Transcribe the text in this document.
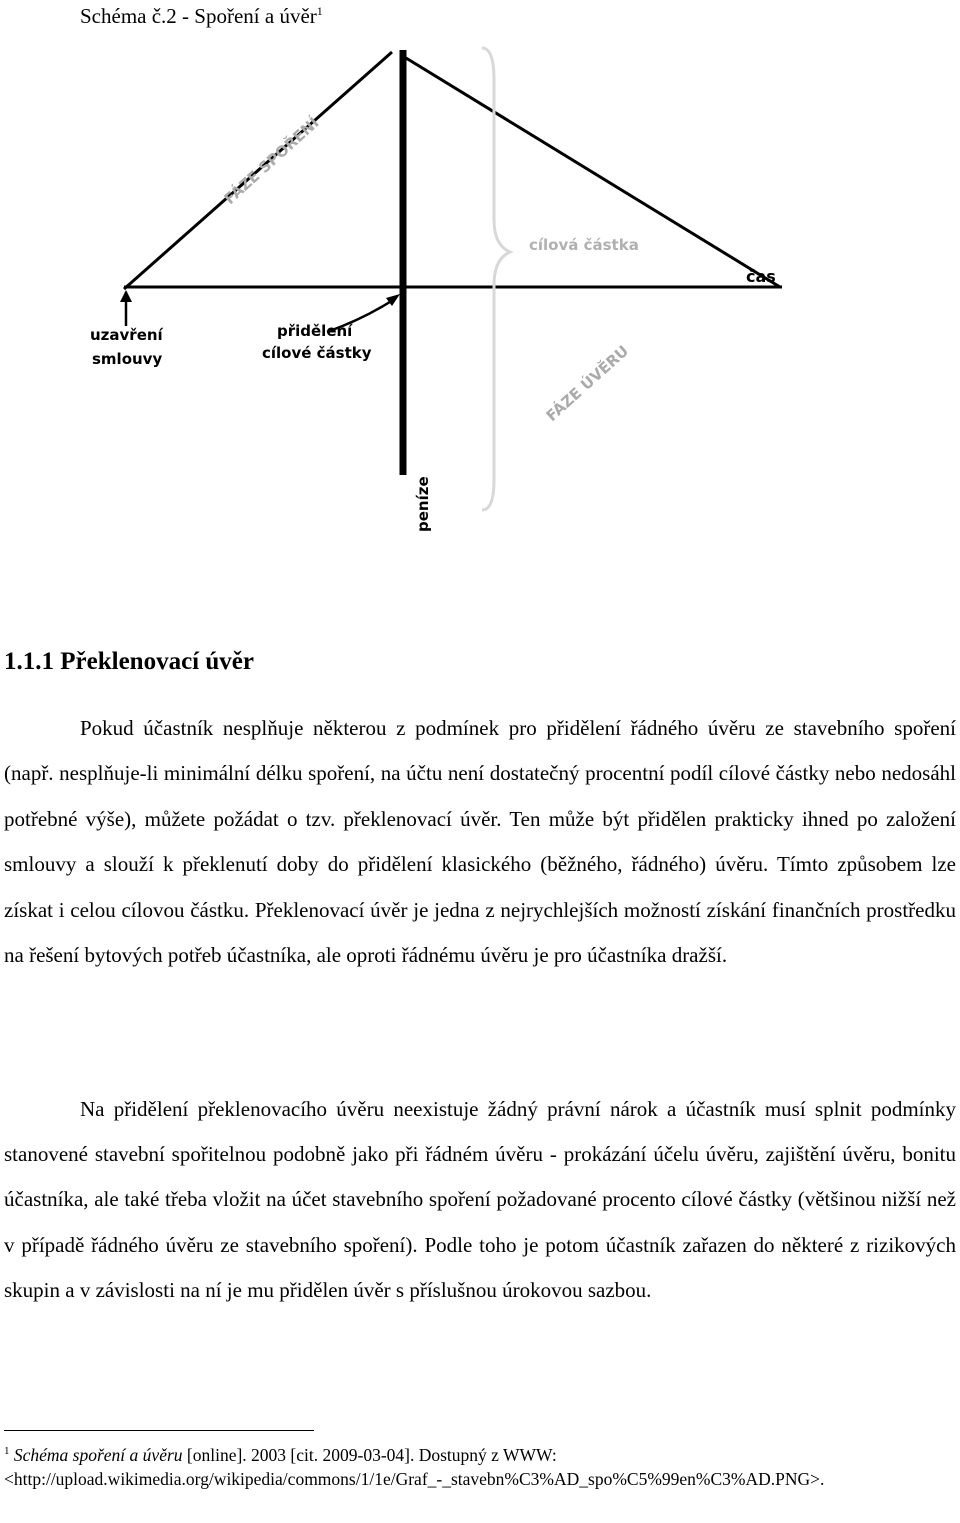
Schéma č.2 - Spoření a úvěr$^1$
FÁZE SPOŘENÍ
cílová částka
čas
uzavření
smlouvy
přidělení
cílové částky	FÁZE ÚVĚRU
peníze
1.1.1 Překlenovací úvěr

Pokud účastník nesplňuje některou z podmínek pro přidělení řádného úvěru ze stavebního spoření (např. nesplňuje-li minimální délku spoření, na účtu není dostatečný procentní podíl cílové částky nebo nedosáhl potřebné výše), můžete požádat o tzv. překlenovací úvěr. Ten může být přidělen prakticky ihned po založení smlouvy a slouží k překlenutí doby do přidělení klasického (běžného, řádného) úvěru. Tímto způsobem lze získat i celou cílovou částku. Překlenovací úvěr je jedna z nejrychlejších možností získání finančních prostředku na řešení bytových potřeb účastníka, ale oproti řádnému úvěru je pro účastníka dražší.

Na přidělení překlenovacího úvěru neexistuje žádný právní nárok a účastník musí splnit podmínky stanovené stavební spořitelnou podobně jako při řádném úvěru - prokázání účelu úvěru, zajištění úvěru, bonitu účastníka, ale také třeba vložit na účet stavebního spoření požadované procento cílové částky (většinou nižší než v případě řádného úvěru ze stavebního spoření). Podle toho je potom účastník zařazen do některé z rizikových skupin a v závislosti na ní je mu přidělen úvěr s příslušnou úrokovou sazbou.

$^1$ Schéma spoření a úvěru [online]. 2003 [cit. 2009-03-04]. Dostupný z WWW: <http://upload.wikimedia.org/wikipedia/commons/1/1e/Graf_-_stavebn%C3%AD_spo%C5%99en%C3%AD.PNG>.
